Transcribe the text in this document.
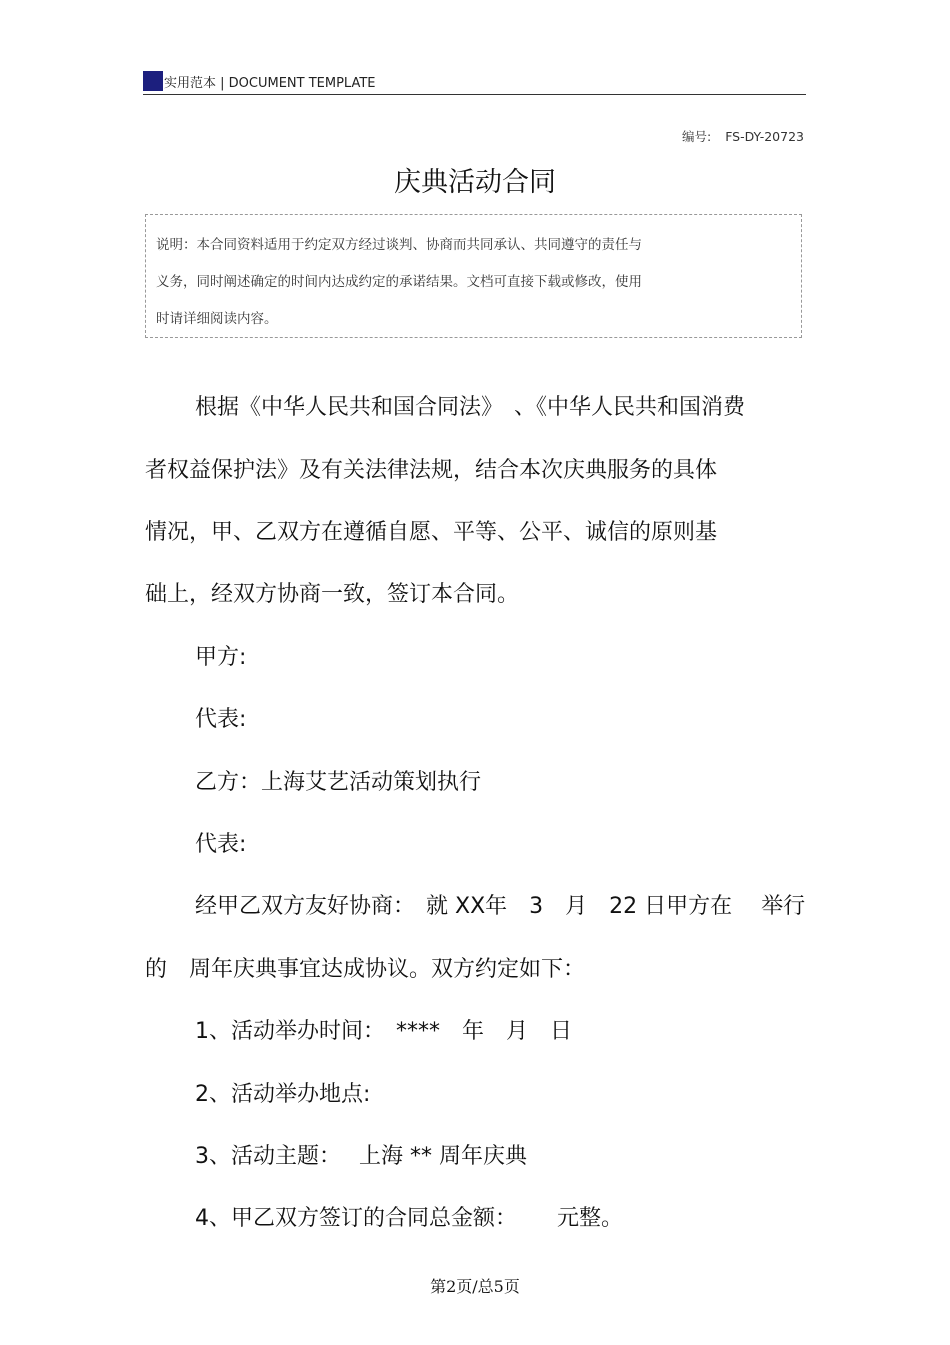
实用范本 | DOCUMENT TEMPLATE
编号: FS-DY-20723
庆典活动合同

说明：本合同资料适用于约定双方经过谈判、协商而共同承认、共同遵守的责任与

义务，同时阐述确定的时间内达成约定的承诺结果。文档可直接下载或修改，使用

时请详细阅读内容。

根据《中华人民共和国合同法》　、《中华人民共和国消费
者权益保护法》及有关法律法规，结合本次庆典服务的具体
情况，甲、乙双方在遵循自愿、平等、公平、诚信的原则基
础上，经双方协商一致，签订本合同。
甲方:
代表:
乙方：上海艾艺活动策划执行
代表:
经甲乙双方友好协商：　就 XX年　3　月　22 日甲方在　 举行
的　周年庆典事宜达成协议。双方约定如下：
1、活动举办时间：　****　年　月　日
2、活动举办地点:
3、活动主题：　 上海 ** 周年庆典
4、甲乙双方签订的合同总金额：　　 元整。
第2页/总5页
